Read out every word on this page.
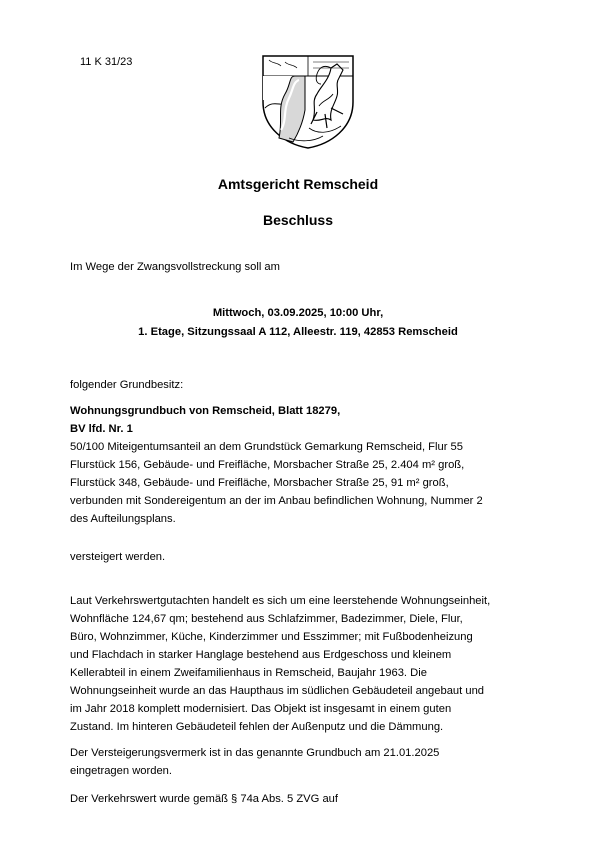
11 K 31/23
Amtsgericht Remscheid
Beschluss

Im Wege der Zwangsvollstreckung soll am

Mittwoch, 03.09.2025, 10:00 Uhr,
1. Etage, Sitzungssaal A 112, Alleestr. 119, 42853 Remscheid

folgender Grundbesitz:

Wohnungsgrundbuch von Remscheid, Blatt 18279,
BV lfd. Nr. 1
50/100 Miteigentumsanteil an dem Grundstück Gemarkung Remscheid, Flur 55
Flurstück 156, Gebäude- und Freifläche, Morsbacher Straße 25, 2.404 m² groß,
Flurstück 348, Gebäude- und Freifläche, Morsbacher Straße 25, 91 m² groß,
verbunden mit Sondereigentum an der im Anbau befindlichen Wohnung, Nummer 2
des Aufteilungsplans.

versteigert werden.

Laut Verkehrswertgutachten handelt es sich um eine leerstehende Wohnungseinheit,
Wohnfläche 124,67 qm; bestehend aus Schlafzimmer, Badezimmer, Diele, Flur,
Büro, Wohnzimmer, Küche, Kinderzimmer und Esszimmer; mit Fußbodenheizung
und Flachdach in starker Hanglage bestehend aus Erdgeschoss und kleinem
Kellerabteil in einem Zweifamilienhaus in Remscheid, Baujahr 1963. Die
Wohnungseinheit wurde an das Haupthaus im südlichen Gebäudeteil angebaut und
im Jahr 2018 komplett modernisiert. Das Objekt ist insgesamt in einem guten
Zustand. Im hinteren Gebäudeteil fehlen der Außenputz und die Dämmung.
Der Versteigerungsvermerk ist in das genannte Grundbuch am 21.01.2025
eingetragen worden.

Der Verkehrswert wurde gemäß § 74a Abs. 5 ZVG auf
